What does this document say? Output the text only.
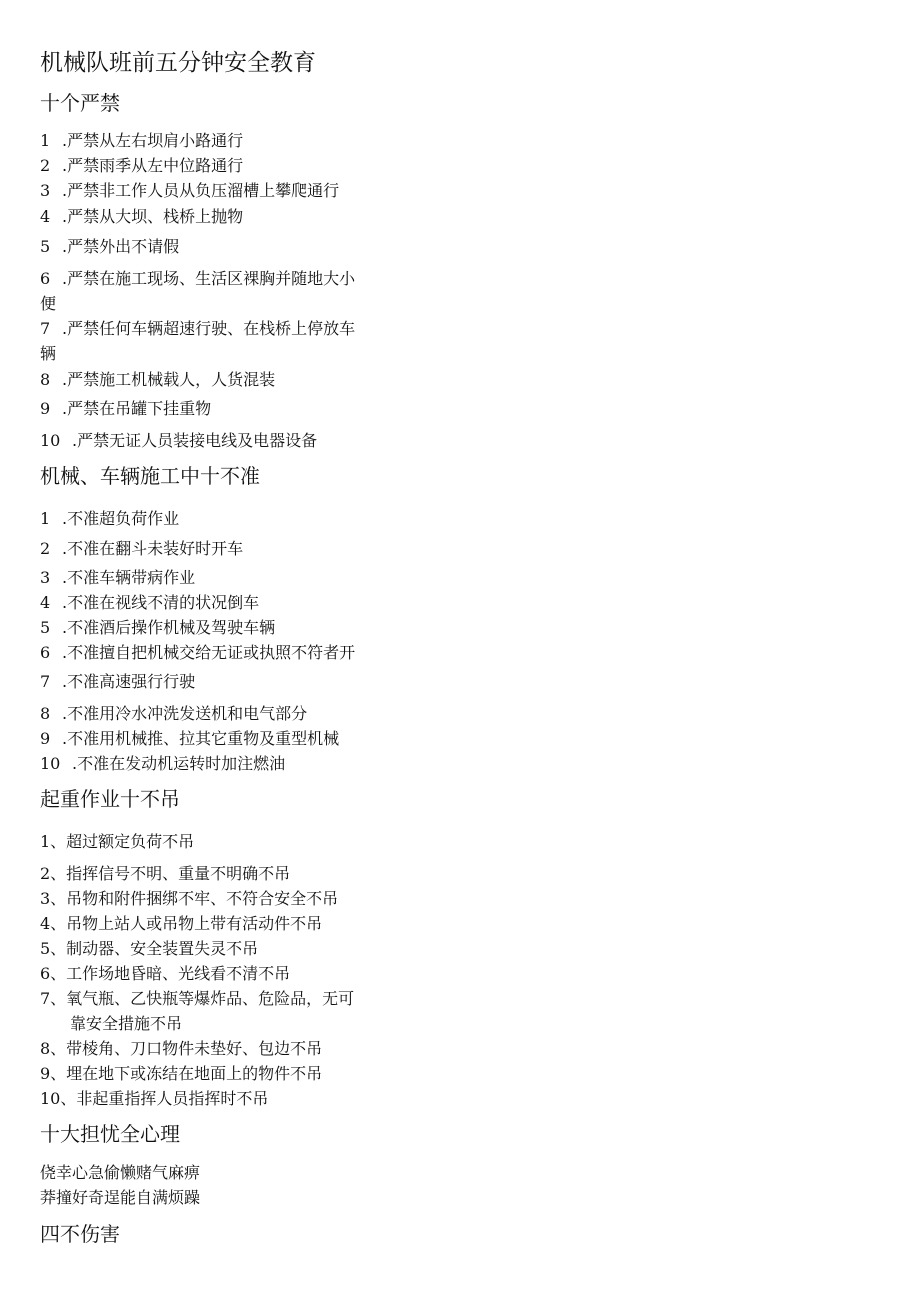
机械队班前五分钟安全教育
十个严禁
1 .严禁从左右坝肩小路通行
2 .严禁雨季从左中位路通行
3 .严禁非工作人员从负压溜槽上攀爬通行
4 .严禁从大坝、栈桥上抛物
5 .严禁外出不请假
6 .严禁在施工现场、生活区裸胸并随地大小
便
7 .严禁任何车辆超速行驶、在栈桥上停放车
辆
8 .严禁施工机械载人，人货混装
9 .严禁在吊罐下挂重物
10 .严禁无证人员装接电线及电器设备
机械、车辆施工中十不准
1 .不准超负荷作业
2 .不准在翻斗未装好时开车
3 .不准车辆带病作业
4 .不准在视线不清的状况倒车
5 .不准酒后操作机械及驾驶车辆
6 .不准擅自把机械交给无证或执照不符者开
7 .不准高速强行行驶
8 .不准用冷水冲洗发送机和电气部分
9 .不准用机械推、拉其它重物及重型机械
10 .不准在发动机运转时加注燃油
起重作业十不吊
1、超过额定负荷不吊
2、指挥信号不明、重量不明确不吊
3、吊物和附件捆绑不牢、不符合安全不吊
4、吊物上站人或吊物上带有活动件不吊
5、制动器、安全装置失灵不吊
6、工作场地昏暗、光线看不清不吊
7、氧气瓶、乙快瓶等爆炸品、危险品，无可
靠安全措施不吊
8、带棱角、刀口物件未垫好、包边不吊
9、埋在地下或冻结在地面上的物件不吊
10、非起重指挥人员指挥时不吊
十大担忧全心理
侥幸心急偷懒赌气麻痹
莽撞好奇逞能自满烦躁
四不伤害
